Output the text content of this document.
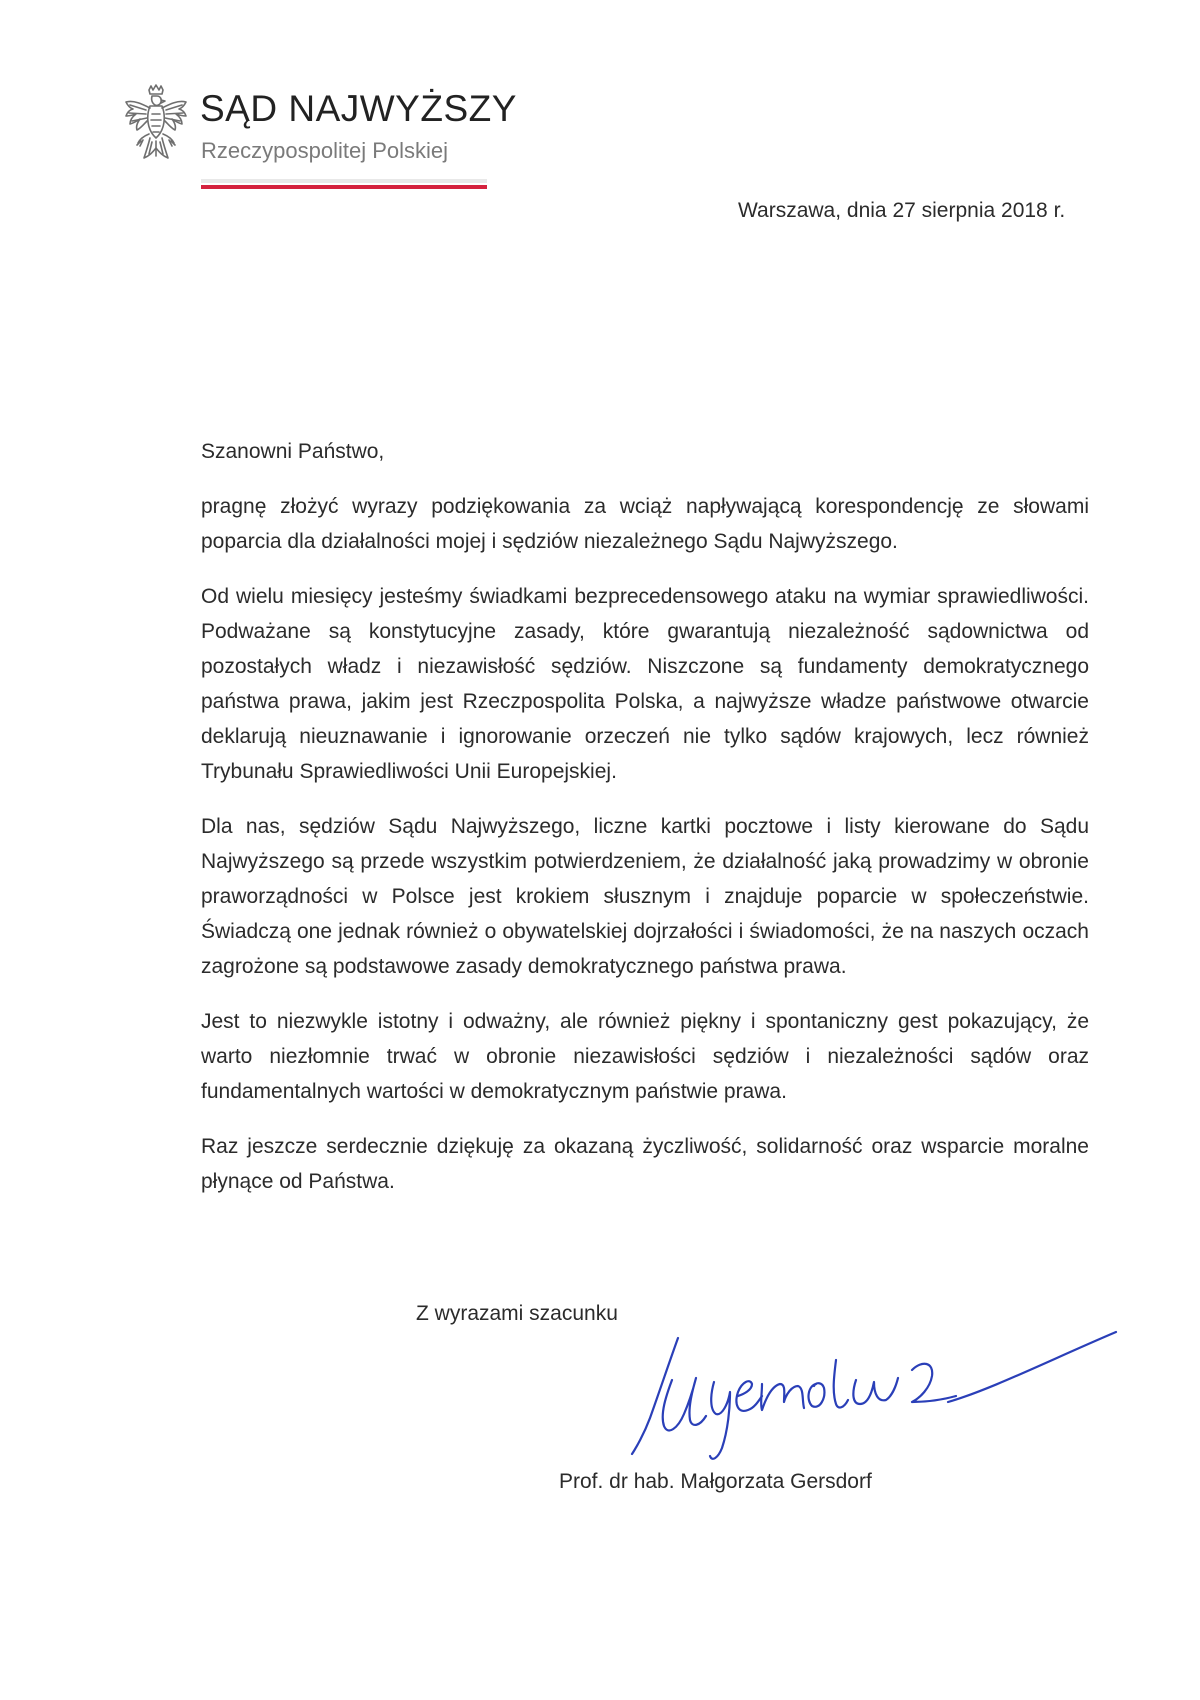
SĄD NAJWYŻSZY
Rzeczypospolitej Polskiej
Warszawa, dnia 27 sierpnia 2018 r.

Szanowni Państwo,

pragnę złożyć wyrazy podziękowania za wciąż napływającą korespondencję ze słowami poparcia dla działalności mojej i sędziów niezależnego Sądu Najwyższego.

Od wielu miesięcy jesteśmy świadkami bezprecedensowego ataku na wymiar sprawiedliwości. Podważane są konstytucyjne zasady, które gwarantują niezależność sądownictwa od pozostałych władz i niezawisłość sędziów. Niszczone są fundamenty demokratycznego państwa prawa, jakim jest Rzeczpospolita Polska, a najwyższe władze państwowe otwarcie deklarują nieuznawanie i ignorowanie orzeczeń nie tylko sądów krajowych, lecz również Trybunału Sprawiedliwości Unii Europejskiej.

Dla nas, sędziów Sądu Najwyższego, liczne kartki pocztowe i listy kierowane do Sądu Najwyższego są przede wszystkim potwierdzeniem, że działalność jaką prowadzimy w obronie praworządności w Polsce jest krokiem słusznym i znajduje poparcie w społeczeństwie. Świadczą one jednak również o obywatelskiej dojrzałości i świadomości, że na naszych oczach zagrożone są podstawowe zasady demokratycznego państwa prawa.

Jest to niezwykle istotny i odważny, ale również piękny i spontaniczny gest pokazujący, że warto niezłomnie trwać w obronie niezawisłości sędziów i niezależności sądów oraz fundamentalnych wartości w demokratycznym państwie prawa.

Raz jeszcze serdecznie dziękuję za okazaną życzliwość, solidarność oraz wsparcie moralne płynące od Państwa.

Z wyrazami szacunku
Prof. dr hab. Małgorzata Gersdorf
